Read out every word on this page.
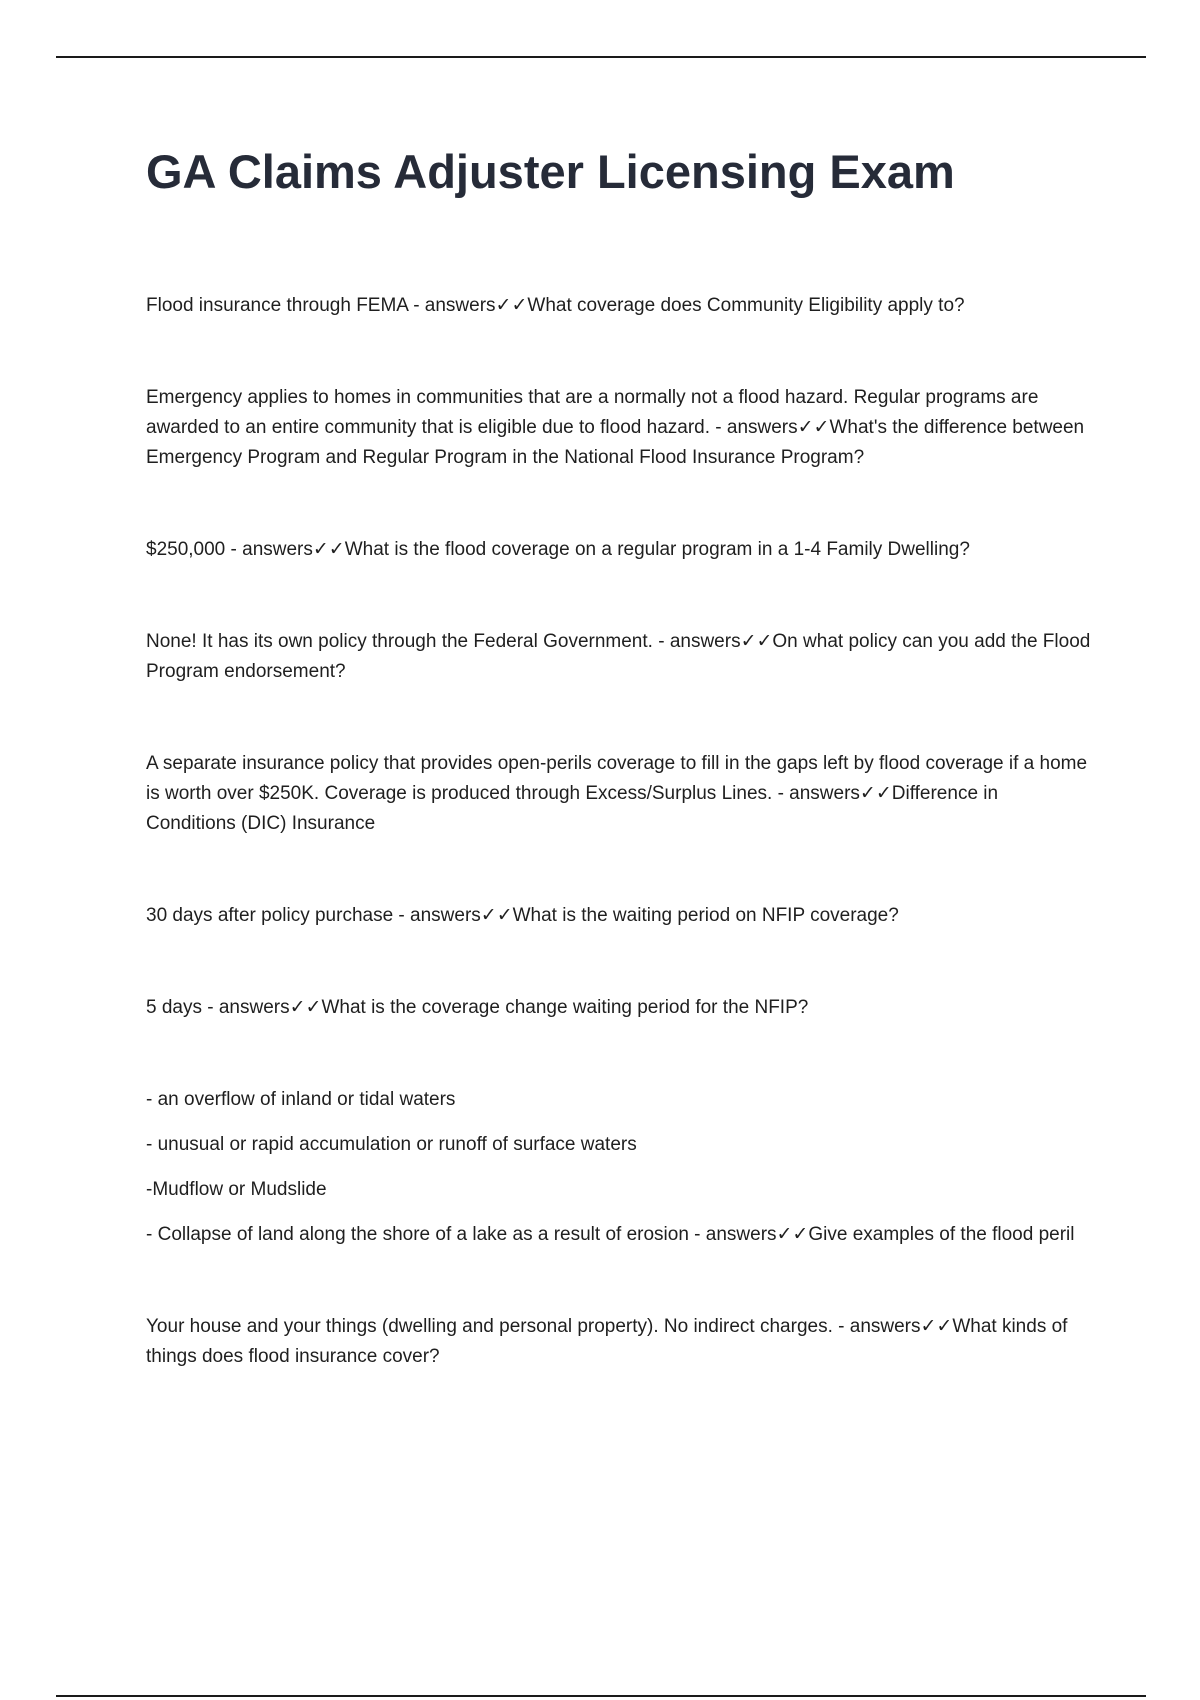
GA Claims Adjuster Licensing Exam

Flood insurance through FEMA - answers✓✓What coverage does Community Eligibility apply to?

Emergency applies to homes in communities that are a normally not a flood hazard. Regular programs are awarded to an entire community that is eligible due to flood hazard. - answers✓✓What's the difference between Emergency Program and Regular Program in the National Flood Insurance Program?

$250,000 - answers✓✓What is the flood coverage on a regular program in a 1-4 Family Dwelling?

None! It has its own policy through the Federal Government. - answers✓✓On what policy can you add the Flood Program endorsement?

A separate insurance policy that provides open-perils coverage to fill in the gaps left by flood coverage if a home is worth over $250K. Coverage is produced through Excess/Surplus Lines. - answers✓✓Difference in Conditions (DIC) Insurance

30 days after policy purchase - answers✓✓What is the waiting period on NFIP coverage?

5 days - answers✓✓What is the coverage change waiting period for the NFIP?

- an overflow of inland or tidal waters

- unusual or rapid accumulation or runoff of surface waters

-Mudflow or Mudslide

- Collapse of land along the shore of a lake as a result of erosion - answers✓✓Give examples of the flood peril

Your house and your things (dwelling and personal property). No indirect charges. - answers✓✓What kinds of things does flood insurance cover?
